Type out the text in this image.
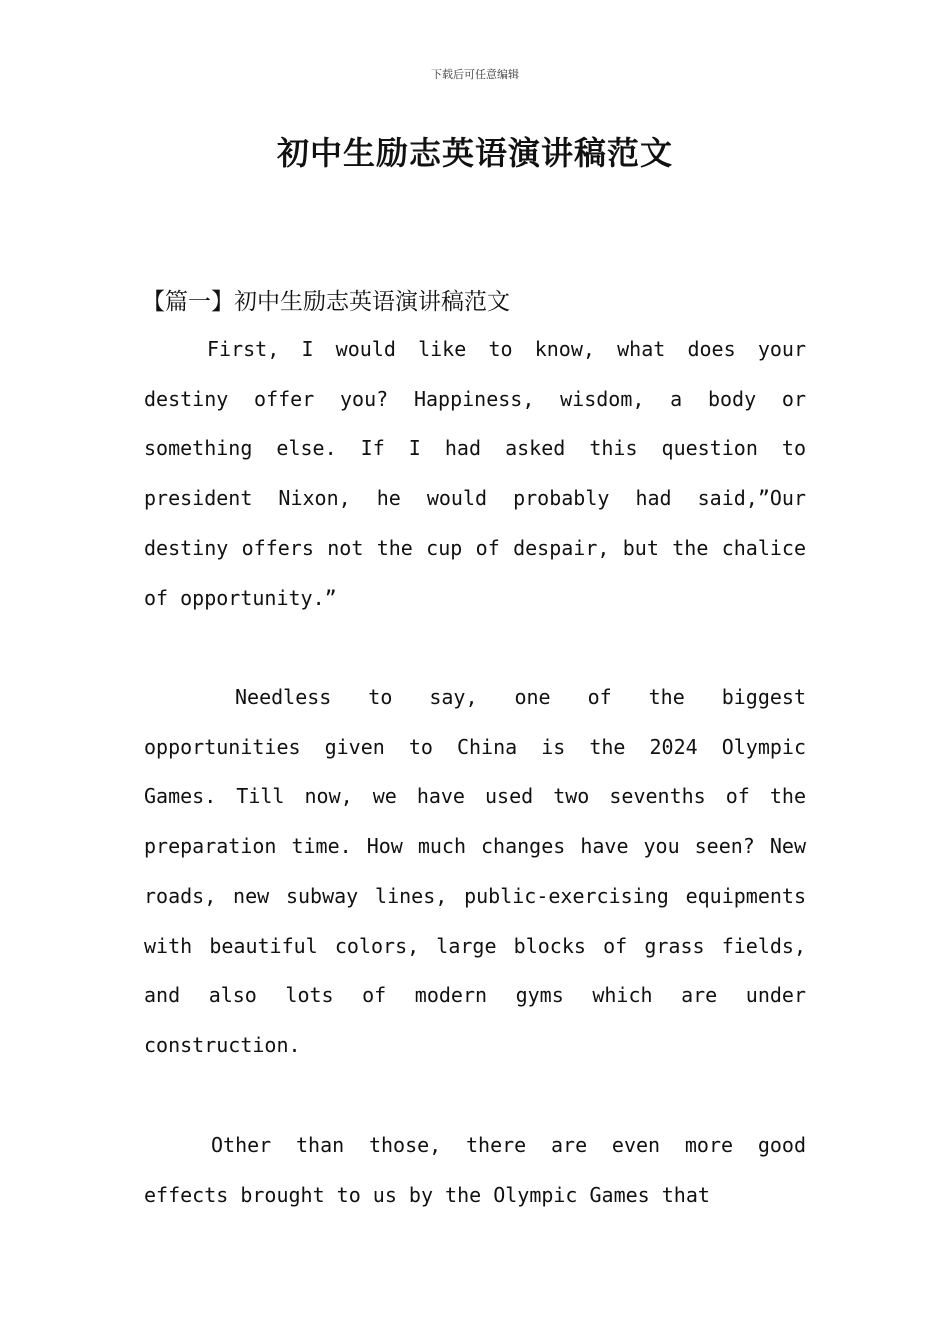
下载后可任意编辑
初中生励志英语演讲稿范文
【篇一】初中生励志英语演讲稿范文

First, I would like to know, what does your destiny offer you? Happiness, wisdom, a body or something else. If I had asked this question to president Nixon, he would probably had said,”Our destiny offers not the cup of despair, but the chalice of opportunity.”

Needless to say, one of the biggest opportunities given to China is the 2024 Olympic Games. Till now, we have used two sevenths of the preparation time. How much changes have you seen? New roads, new subway lines, public-exercising equipments with beautiful colors, large blocks of grass fields, and also lots of modern gyms which are under construction.

Other than those, there are even more good effects brought to us by the Olympic Games that
